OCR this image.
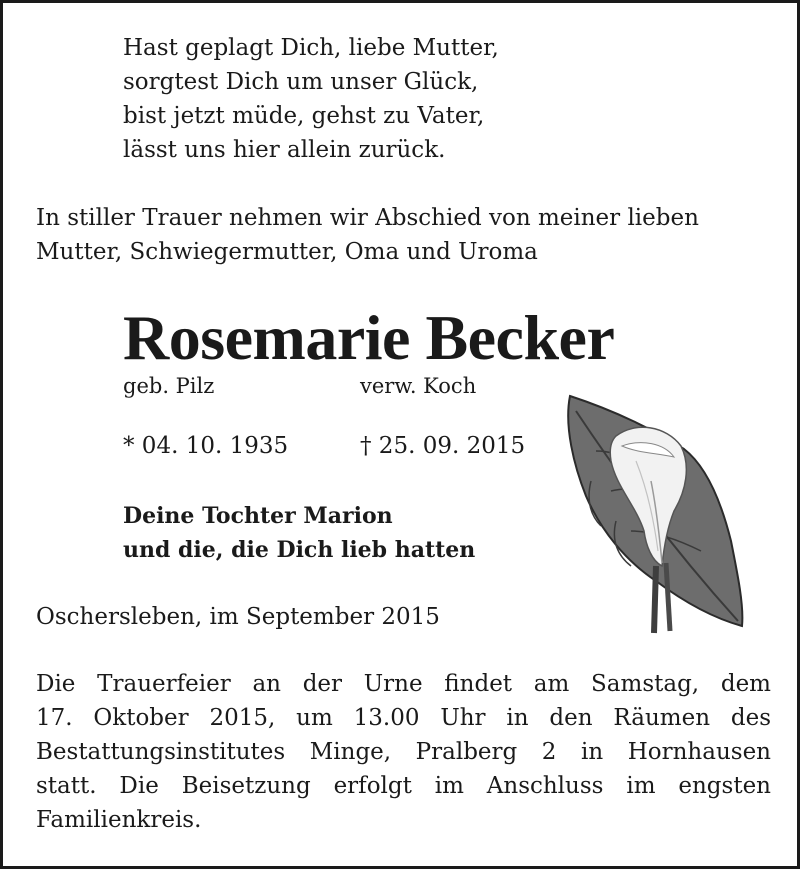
Hast geplagt Dich, liebe Mutter,
sorgtest Dich um unser Glück,
bist jetzt müde, gehst zu Vater,
lässt uns hier allein zurück.
In stiller Trauer nehmen wir Abschied von meiner lieben
Mutter, Schwiegermutter, Oma und Uroma
Rosemarie Becker
geb. Pilz	verw. Koch
* 04. 10. 1935	† 25. 09. 2015
Deine Tochter Marion
und die, die Dich lieb hatten
Oschersleben, im September 2015
Die Trauerfeier an der Urne findet am Samstag, dem
17. Oktober 2015, um 13.00 Uhr in den Räumen des
Bestattungsinstitutes Minge, Pralberg 2 in Hornhausen
statt. Die Beisetzung erfolgt im Anschluss im engsten
Familienkreis.
